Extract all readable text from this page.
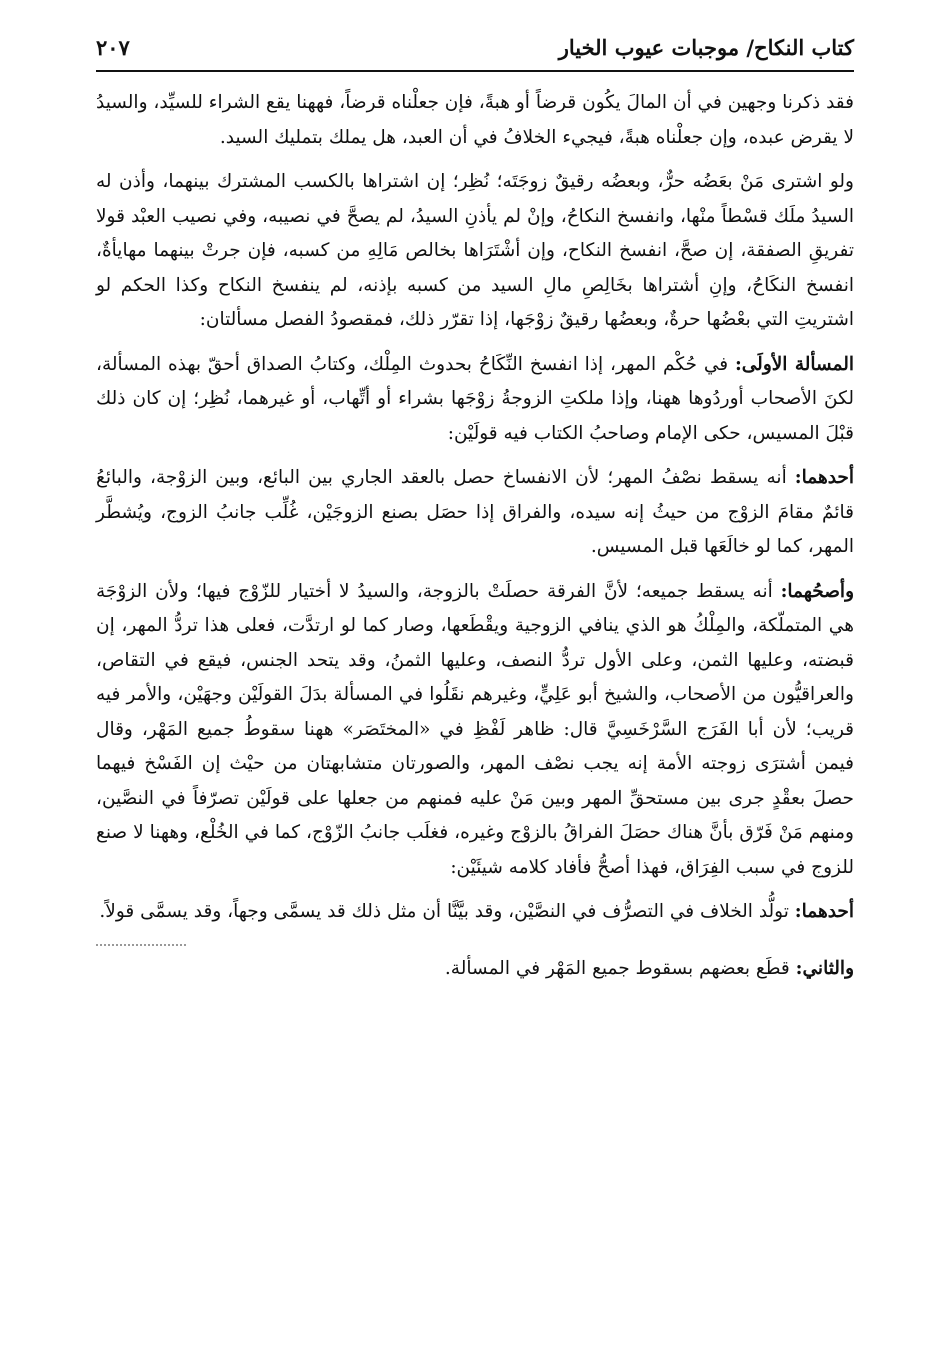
كتاب النكاح/ موجبات عيوب الخيار
٢٠٧

فقد ذكرنا وجهين في أن المالَ يكُون قرضاً أو هبةً، فإن جعلْناه قرضاً، فههنا يقع الشراء للسيِّد، والسيدُ لا يقرض عبده، وإن جعلْناه هبةً، فيجيء الخلافُ في أن العبد، هل يملك بتمليك السيد.

ولو اشترى مَنْ بعَضُه حرٌّ، وبعضُه رقيقٌ زوجَتَه؛ نُظِر؛ إن اشتراها بالكسب المشترك بينهما، وأذن له السيدُ ملَك قسْطاً منْها، وانفسخ النكاحُ، وإنْ لم يأذنِ السيدُ، لم يصحَّ في نصيبه، وفي نصيب العبْد قولا تفريقِ الصفقة، إن صحَّ، انفسخ النكاح، وإن أشْتَرَاها بخالص مَالِهِ من كسبه، فإن جرتْ بينهما مهايأةٌ، انفسخ النكَاحُ، وإنِ أشتراها بخَالِصِ مالِ السيد من كسبه بإذنه، لم ينفسخ النكاح وكذا الحكم لو اشتريتِ التي بعْضُها حرةٌ، وبعضُها رقيقٌ زوْجَها، إذا تقرّر ذلك، فمقصودُ الفصل مسألتان:

المسألة الأولَى: في حُكْم المهر، إذا انفسخ النِّكَاحُ بحدوث المِلْك، وكتابُ الصداق أحقّ بهذه المسألة، لكنَ الأصحاب أوردُوها ههنا، وإذا ملكتِ الزوجةُ زوْجَها بشراء أو أتِّهاب، أو غيرهما، نُظِر؛ إن كان ذلك قبْلَ المسيس، حكى الإمام وصاحبُ الكتاب فيه قولَيْن:

أحدهما: أنه يسقط نصْفُ المهر؛ لأن الانفساخ حصل بالعقد الجاري بين البائع، وبين الزوْجة، والبائعُ قائمٌ مقامَ الزوْج من حيثُ إنه سيده، والفراق إذا حصَل بصنع الزوجَيْن، غُلِّب جانبُ الزوج، ويُشطَّر المهر، كما لو خالَعَها قبل المسيس.

وأصحُهما: أنه يسقط جميعه؛ لأنَّ الفرقة حصلَتْ بالزوجة، والسيدُ لا أختيار للزّوْج فيها؛ ولأن الزوْجَة هي المتملّكة، والمِلْكُ هو الذي ينافي الزوجية ويقْطَعها، وصار كما لو ارتدَّت، فعلى هذا تردُّ المهر، إن قبضته، وعليها الثمن، وعلى الأول تردُّ النصف، وعليها الثمنُ، وقد يتحد الجنس، فيقع في التقاص، والعراقيُّون من الأصحاب، والشيخ أبو عَلِيٍّ، وغيرهم نقَلُوا في المسألة بدَلَ القولَيْن وجهَيْن، والأمر فيه قريب؛ لأن أبا الفَرَج السَّرْخَسِيَّ قال: ظاهر لَفْظِ في «المختَصَر» ههنا سقوطُ جميع المَهْر، وقال فيمن أشترَى زوجته الأمة إنه يجب نصْف المهر، والصورتان متشابهتان من حيْث إن الفَسْخ فيهما حصلَ بعقْدٍ جرى بين مستحقِّ المهر وبين مَنْ عليه فمنهم من جعلها على قولَيْن تصرّفاً في النصَّين، ومنهم مَنْ فَرّق بأنَّ هناك حصَلَ الفراقُ بالزوْج وغيره، فغلَب جانبُ الزّوْج، كما في الخُلْع، وههنا لا صنع للزوج في سبب الفِرَاق، فهذا أصحُّ فأفاد كلامه شيئَيْن:

أحدهما: تولُّد الخلاف في التصرُّف في النصَّيْن، وقد بيَّنَّا أن مثل ذلك قد يسمَّى وجهاً، وقد يسمَّى قولاً.

والثاني: قطَع بعضهم بسقوط جميع المَهْر في المسألة.
